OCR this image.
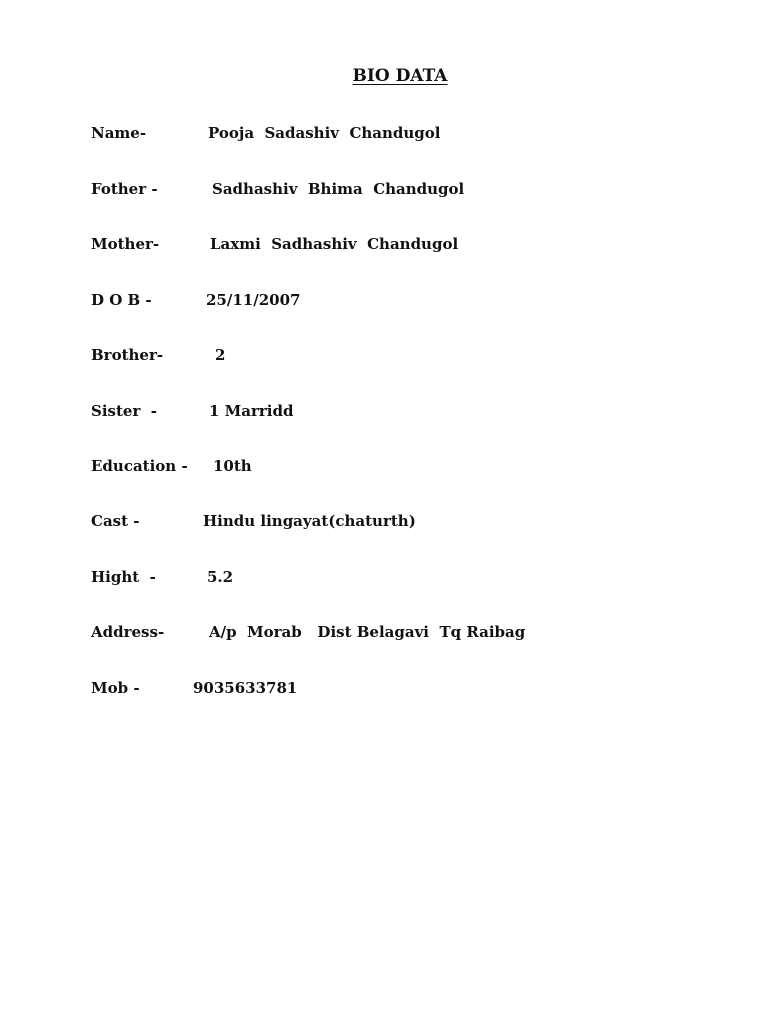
BIO DATA

Name-

	Pooja  Sadashiv  Chandugol

Fother -

	Sadhashiv  Bhima  Chandugol

Mother-

	Laxmi  Sadhashiv  Chandugol

D O B -

	25/11/2007

Brother-

	2

Sister  -

	1 Marridd

Education -

10th

Cast -

	Hindu lingayat(chaturth)

Hight  -

	5.2

Address-

	A/p  Morab   Dist Belagavi  Tq Raibag

Mob -

	9035633781
